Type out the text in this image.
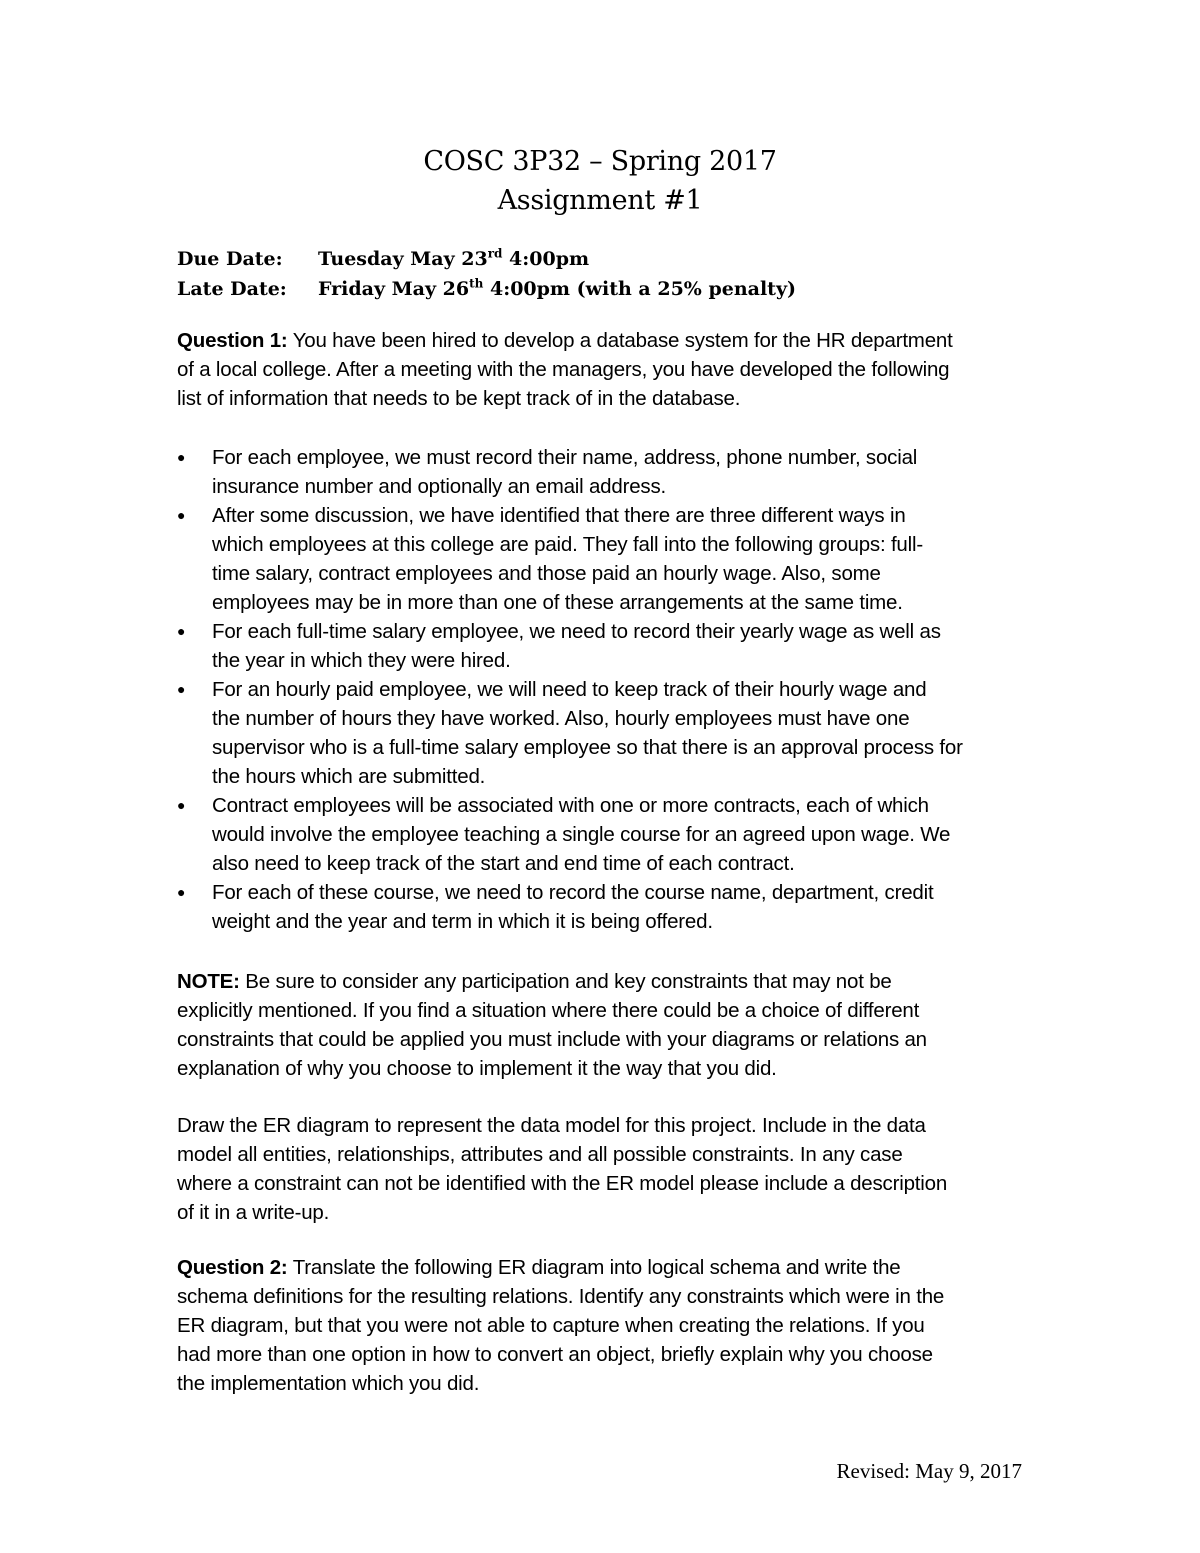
COSC 3P32 – Spring 2017
Assignment #1
Due Date:	Tuesday May 23rd 4:00pm
Late Date:	Friday May 26th 4:00pm (with a 25% penalty)

Question 1: You have been hired to develop a database system for the HR department

of a local college. After a meeting with the managers, you have developed the following

list of information that needs to be kept track of in the database.

● For each employee, we must record their name, address, phone number, social

insurance number and optionally an email address.

● After some discussion, we have identified that there are three different ways in

which employees at this college are paid. They fall into the following groups: full-

time salary, contract employees and those paid an hourly wage. Also, some

employees may be in more than one of these arrangements at the same time.

● For each full-time salary employee, we need to record their yearly wage as well as

the year in which they were hired.

● For an hourly paid employee, we will need to keep track of their hourly wage and

the number of hours they have worked. Also, hourly employees must have one

supervisor who is a full-time salary employee so that there is an approval process for

the hours which are submitted.

● Contract employees will be associated with one or more contracts, each of which

would involve the employee teaching a single course for an agreed upon wage. We

also need to keep track of the start and end time of each contract.

● For each of these course, we need to record the course name, department, credit

weight and the year and term in which it is being offered.

NOTE: Be sure to consider any participation and key constraints that may not be

explicitly mentioned. If you find a situation where there could be a choice of different

constraints that could be applied you must include with your diagrams or relations an

explanation of why you choose to implement it the way that you did.

Draw the ER diagram to represent the data model for this project. Include in the data

model all entities, relationships, attributes and all possible constraints. In any case

where a constraint can not be identified with the ER model please include a description

of it in a write-up.

Question 2: Translate the following ER diagram into logical schema and write the

schema definitions for the resulting relations. Identify any constraints which were in the

ER diagram, but that you were not able to capture when creating the relations. If you

had more than one option in how to convert an object, briefly explain why you choose

the implementation which you did.

Revised: May 9, 2017
